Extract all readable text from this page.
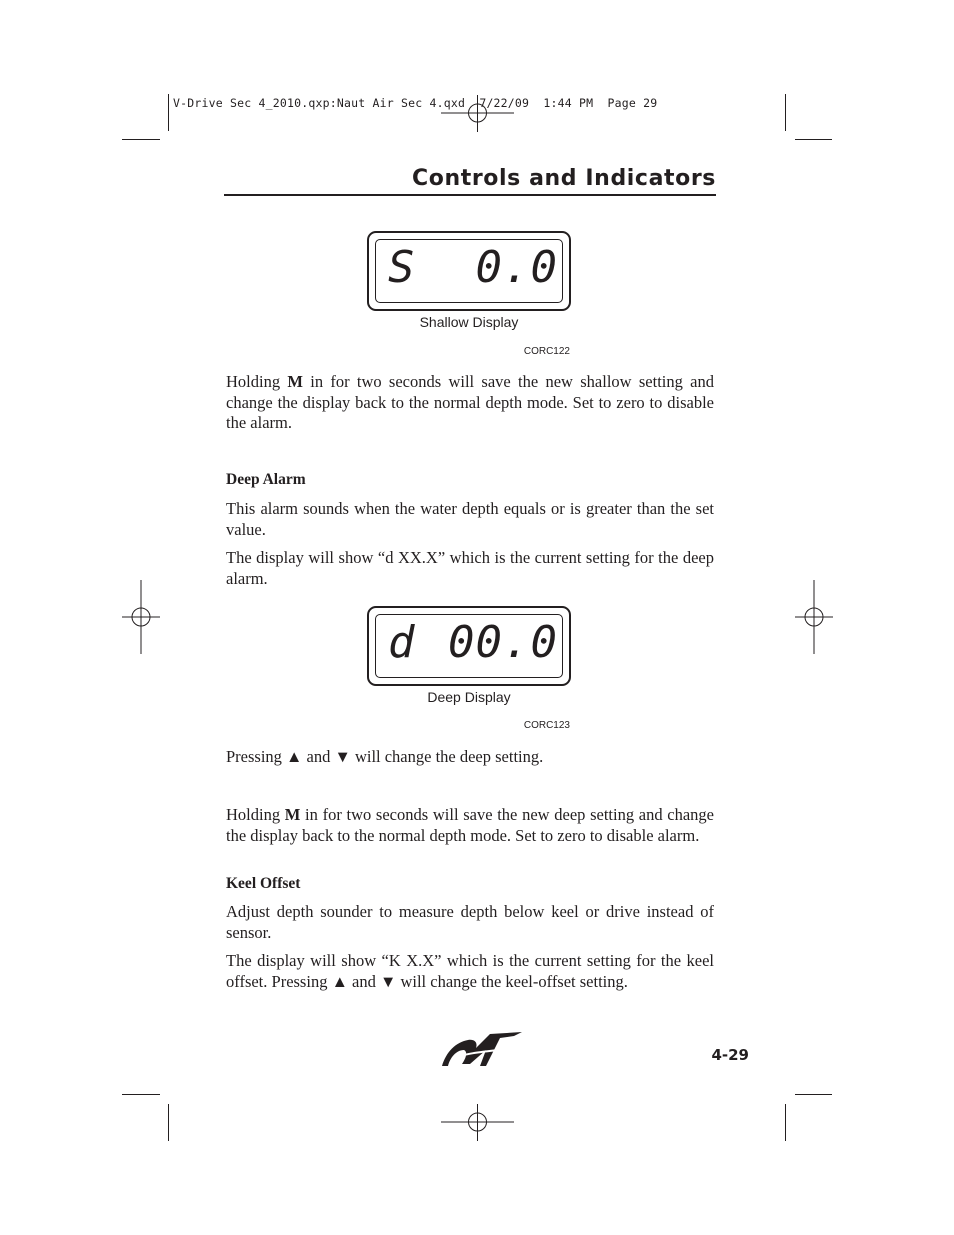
V-Drive Sec 4_2010.qxp:Naut Air Sec 4.qxd  7/22/09  1:44 PM  Page 29
Controls and Indicators
S 0.0
Shallow Display
CORC122
Holding M in for two seconds will save the new shallow setting and change the display back to the normal depth mode. Set to zero to disable the alarm.
Deep Alarm
This alarm sounds when the water depth equals or is greater than the set value.
The display will show “d XX.X” which is the current setting for the deep alarm.
d 00.0
Deep Display
CORC123
Pressing ▲ and ▼ will change the deep setting.
Holding M in for two seconds will save the new deep setting and change the display back to the normal depth mode. Set to zero to disable alarm.
Keel Offset
Adjust depth sounder to measure depth below keel or drive instead of sensor.
The display will show “K X.X” which is the current setting for the keel offset. Pressing ▲ and ▼ will change the keel-offset setting.
4-29
